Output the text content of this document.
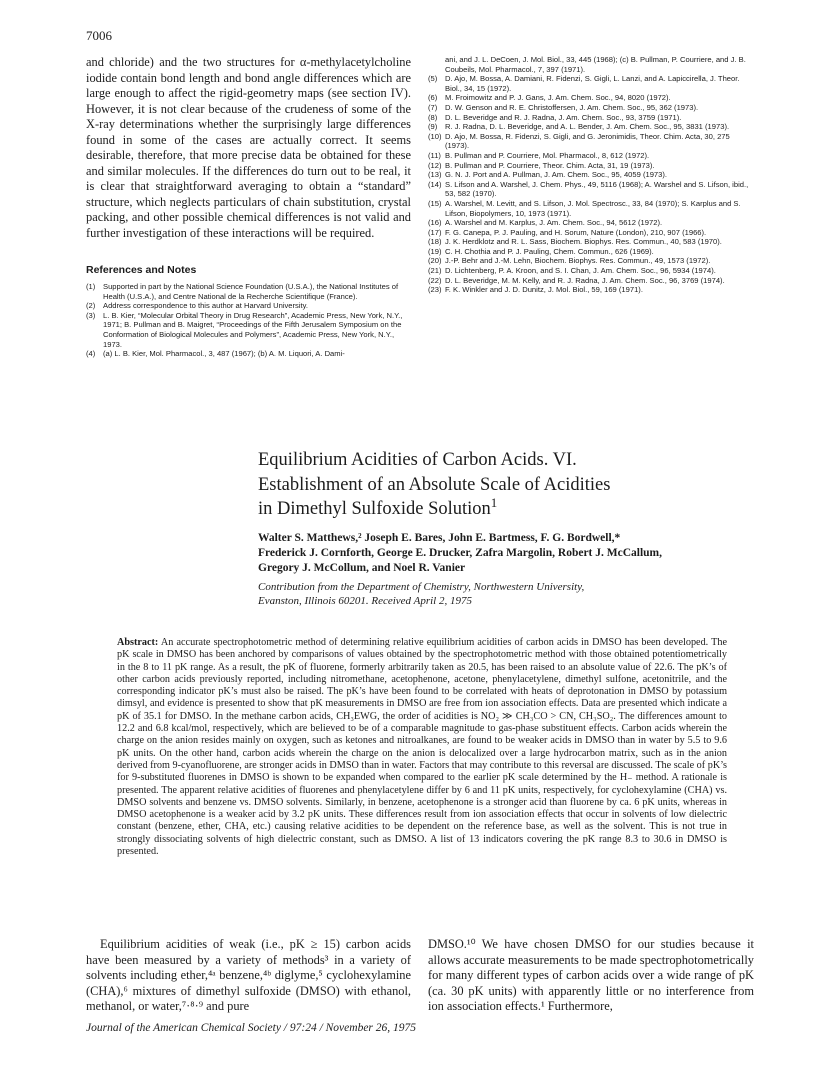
7006
and chloride) and the two structures for α-methylacetylcholine iodide contain bond length and bond angle differences which are large enough to affect the rigid-geometry maps (see section IV). However, it is not clear because of the crudeness of some of the X-ray determinations whether the surprisingly large differences found in some of the cases are actually correct. It seems desirable, therefore, that more precise data be obtained for these and similar molecules. If the differences do turn out to be real, it is clear that straightforward averaging to obtain a “standard” structure, which neglects particulars of chain substitution, crystal packing, and other possible chemical differences is not valid and further investigation of these interactions will be required.
References and Notes
(1) Supported in part by the National Science Foundation (U.S.A.), the National Institutes of Health (U.S.A.), and Centre National de la Recherche Scientifique (France).
(2) Address correspondence to this author at Harvard University.
(3) L. B. Kier, “Molecular Orbital Theory in Drug Research”, Academic Press, New York, N.Y., 1971; B. Pullman and B. Maigret, “Proceedings of the Fifth Jerusalem Symposium on the Conformation of Biological Molecules and Polymers”, Academic Press, New York, N.Y., 1973.
(4) (a) L. B. Kier, Mol. Pharmacol., 3, 487 (1967); (b) A. M. Liquori, A. Dami-
ani, and J. L. DeCoen, J. Mol. Biol., 33, 445 (1968); (c) B. Pullman, P. Courriere, and J. B. Coubeils, Mol. Pharmacol., 7, 397 (1971).
(5) D. Ajo, M. Bossa, A. Damiani, R. Fidenzi, S. Gigli, L. Lanzi, and A. Lapiccirella, J. Theor. Biol., 34, 15 (1972).
(6) M. Froimowitz and P. J. Gans, J. Am. Chem. Soc., 94, 8020 (1972).
(7) D. W. Genson and R. E. Christoffersen, J. Am. Chem. Soc., 95, 362 (1973).
(8) D. L. Beveridge and R. J. Radna, J. Am. Chem. Soc., 93, 3759 (1971).
(9) R. J. Radna, D. L. Beveridge, and A. L. Bender, J. Am. Chem. Soc., 95, 3831 (1973).
(10) D. Ajo, M. Bossa, R. Fidenzi, S. Gigli, and G. Jeronimidis, Theor. Chim. Acta, 30, 275 (1973).
(11) B. Pullman and P. Courriere, Mol. Pharmacol., 8, 612 (1972).
(12) B. Pullman and P. Courriere, Theor. Chim. Acta, 31, 19 (1973).
(13) G. N. J. Port and A. Pullman, J. Am. Chem. Soc., 95, 4059 (1973).
(14) S. Lifson and A. Warshel, J. Chem. Phys., 49, 5116 (1968); A. Warshel and S. Lifson, ibid., 53, 582 (1970).
(15) A. Warshel, M. Levitt, and S. Lifson, J. Mol. Spectrosc., 33, 84 (1970); S. Karplus and S. Lifson, Biopolymers, 10, 1973 (1971).
(16) A. Warshel and M. Karplus, J. Am. Chem. Soc., 94, 5612 (1972).
(17) F. G. Canepa, P. J. Pauling, and H. Sorum, Nature (London), 210, 907 (1966).
(18) J. K. Herdklotz and R. L. Sass, Biochem. Biophys. Res. Commun., 40, 583 (1970).
(19) C. H. Chothia and P. J. Pauling, Chem. Commun., 626 (1969).
(20) J.-P. Behr and J.-M. Lehn, Biochem. Biophys. Res. Commun., 49, 1573 (1972).
(21) D. Lichtenberg, P. A. Kroon, and S. I. Chan, J. Am. Chem. Soc., 96, 5934 (1974).
(22) D. L. Beveridge, M. M. Kelly, and R. J. Radna, J. Am. Chem. Soc., 96, 3769 (1974).
(23) F. K. Winkler and J. D. Dunitz, J. Mol. Biol., 59, 169 (1971).
Equilibrium Acidities of Carbon Acids. VI.
Establishment of an Absolute Scale of Acidities
in Dimethyl Sulfoxide Solution$^1$
Walter S. Matthews,² Joseph E. Bares, John E. Bartmess, F. G. Bordwell,*
Frederick J. Cornforth, George E. Drucker, Zafra Margolin, Robert J. McCallum,
Gregory J. McCollum, and Noel R. Vanier
Contribution from the Department of Chemistry, Northwestern University,
Evanston, Illinois 60201. Received April 2, 1975
Abstract: An accurate spectrophotometric method of determining relative equilibrium acidities of carbon acids in DMSO has been developed. The pK scale in DMSO has been anchored by comparisons of values obtained by the spectrophotometric method with those obtained potentiometrically in the 8 to 11 pK range. As a result, the pK of fluorene, formerly arbitrarily taken as 20.5, has been raised to an absolute value of 22.6. The pK’s of other carbon acids previously reported, including nitromethane, acetophenone, acetone, phenylacetylene, dimethyl sulfone, acetonitrile, and the corresponding indicator pK’s must also be raised. The pK’s have been found to be correlated with heats of deprotonation in DMSO by potassium dimsyl, and evidence is presented to show that pK measurements in DMSO are free from ion association effects. Data are presented which indicate a pK of 35.1 for DMSO. In the methane carbon acids, CH₃EWG, the order of acidities is NO₂ ≫ CH₃CO > CN, CH₃SO₂. The differences amount to 12.2 and 6.8 kcal/mol, respectively, which are believed to be of a comparable magnitude to gas-phase substituent effects. Carbon acids wherein the charge on the anion resides mainly on oxygen, such as ketones and nitroalkanes, are found to be weaker acids in DMSO than in water by 5.5 to 9.6 pK units. On the other hand, carbon acids wherein the charge on the anion is delocalized over a large hydrocarbon matrix, such as in the anion derived from 9-cyanofluorene, are stronger acids in DMSO than in water. Factors that may contribute to this reversal are discussed. The scale of pK’s for 9-substituted fluorenes in DMSO is shown to be expanded when compared to the earlier pK scale determined by the H₋ method. A rationale is presented. The apparent relative acidities of fluorenes and phenylacetylene differ by 6 and 11 pK units, respectively, for cyclohexylamine (CHA) vs. DMSO solvents and benzene vs. DMSO solvents. Similarly, in benzene, acetophenone is a stronger acid than fluorene by ca. 6 pK units, whereas in DMSO acetophenone is a weaker acid by 3.2 pK units. These differences result from ion association effects that occur in solvents of low dielectric constant (benzene, ether, CHA, etc.) causing relative acidities to be dependent on the reference base, as well as the solvent. This is not true in strongly dissociating solvents of high dielectric constant, such as DMSO. A list of 13 indicators covering the pK range 8.3 to 30.6 in DMSO is presented.
Equilibrium acidities of weak (i.e., pK ≥ 15) carbon acids have been measured by a variety of methods³ in a variety of solvents including ether,⁴ᵃ benzene,⁴ᵇ diglyme,⁵ cyclohexylamine (CHA),⁶ mixtures of dimethyl sulfoxide (DMSO) with ethanol, methanol, or water,⁷·⁸·⁹ and pure
DMSO.¹⁰ We have chosen DMSO for our studies because it allows accurate measurements to be made spectrophotometrically for many different types of carbon acids over a wide range of pK (ca. 30 pK units) with apparently little or no interference from ion association effects.¹ Furthermore,
Journal of the American Chemical Society / 97:24 / November 26, 1975
